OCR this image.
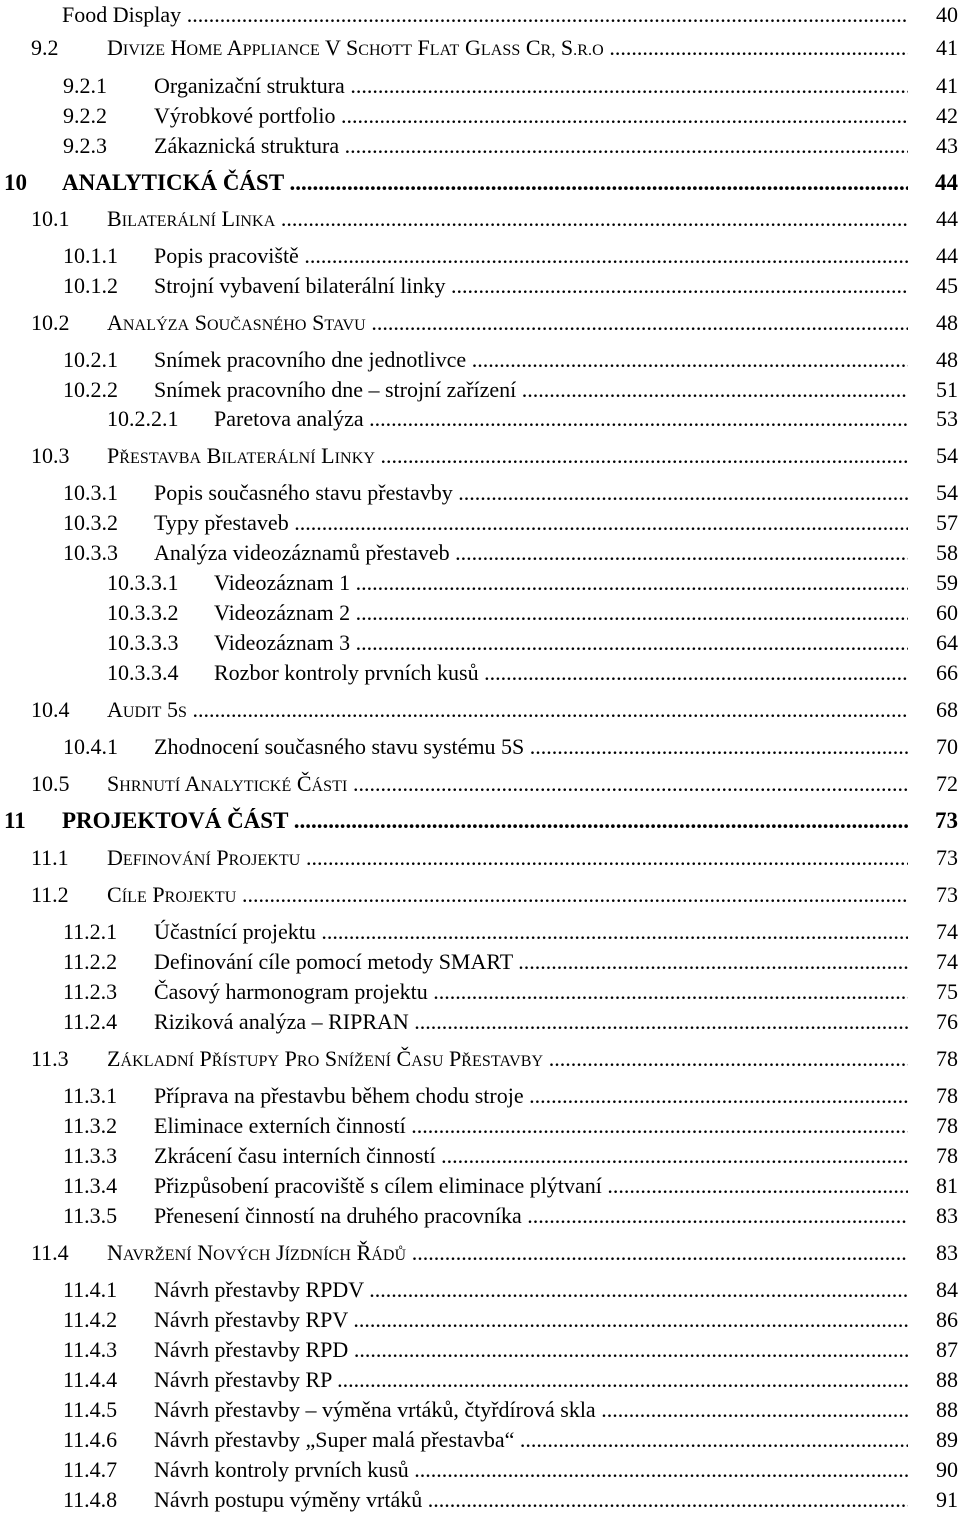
Food Display .....	40
9.2 DIVIZE HOME APPLIANCE V SCHOTT FLAT GLASS CR, S.R.O .....	41
9.2.1 Organizační struktura .....	41
9.2.2 Výrobkové portfolio .....	42
9.2.3 Zákaznická struktura .....	43
10 ANALYTICKÁ ČÁST .....	44
10.1 BILATERÁLNÍ LINKA .....	44
10.1.1 Popis pracoviště .....	44
10.1.2 Strojní vybavení bilaterální linky .....	45
10.2 ANALÝZA SOUČASNÉHO STAVU .....	48
10.2.1 Snímek pracovního dne jednotlivce .....	48
10.2.2 Snímek pracovního dne – strojní zařízení .....	51
10.2.2.1 Paretova analýza .....	53
10.3 PŘESTAVBA BILATERÁLNÍ LINKY .....	54
10.3.1 Popis současného stavu přestavby .....	54
10.3.2 Typy přestaveb .....	57
10.3.3 Analýza videozáznamů přestaveb .....	58
10.3.3.1 Videozáznam 1 .....	59
10.3.3.2 Videozáznam 2 .....	60
10.3.3.3 Videozáznam 3 .....	64
10.3.3.4 Rozbor kontroly prvních kusů .....	66
10.4 AUDIT 5S .....	68
10.4.1 Zhodnocení současného stavu systému 5S .....	70
10.5 SHRNUTÍ ANALYTICKÉ ČÁSTI .....	72
11 PROJEKTOVÁ ČÁST .....	73
11.1 DEFINOVÁNÍ PROJEKTU .....	73
11.2 CÍLE PROJEKTU .....	73
11.2.1 Účastnící projektu .....	74
11.2.2 Definování cíle pomocí metody SMART .....	74
11.2.3 Časový harmonogram projektu .....	75
11.2.4 Riziková analýza – RIPRAN .....	76
11.3 ZÁKLADNÍ PŘÍSTUPY PRO SNÍŽENÍ ČASU PŘESTAVBY .....	78
11.3.1 Příprava na přestavbu během chodu stroje .....	78
11.3.2 Eliminace externích činností .....	78
11.3.3 Zkrácení času interních činností .....	78
11.3.4 Přizpůsobení pracoviště s cílem eliminace plýtvaní .....	81
11.3.5 Přenesení činností na druhého pracovníka .....	83
11.4 NAVRŽENÍ NOVÝCH JÍZDNÍCH ŘÁDŮ .....	83
11.4.1 Návrh přestavby RPDV .....	84
11.4.2 Návrh přestavby RPV .....	86
11.4.3 Návrh přestavby RPD .....	87
11.4.4 Návrh přestavby RP .....	88
11.4.5 Návrh přestavby – výměna vrtáků, čtyřdírová skla .....	88
11.4.6 Návrh přestavby „Super malá přestavba“ .....	89
11.4.7 Návrh kontroly prvních kusů .....	90
11.4.8 Návrh postupu výměny vrtáků .....	91
